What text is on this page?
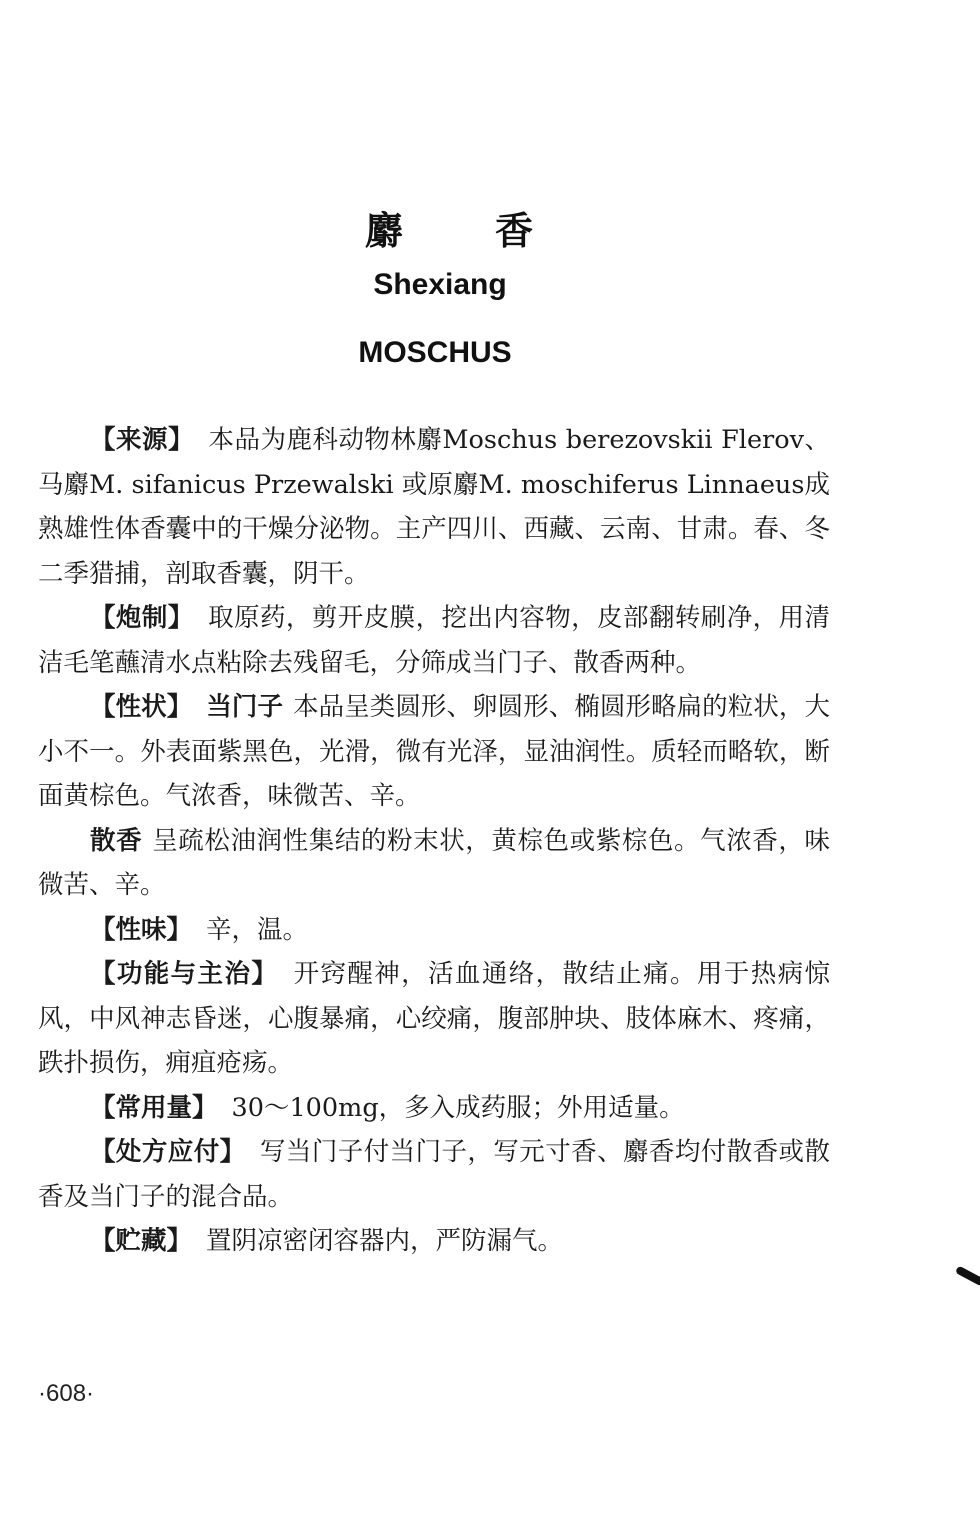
麝香
Shexiang
MOSCHUS

【来源】 本品为鹿科动物林麝Moschus berezovskii Flerov、马麝M. sifanicus Przewalski 或原麝M. moschiferus Linnaeus成熟雄性体香囊中的干燥分泌物。主产四川、西藏、云南、甘肃。春、冬二季猎捕，剖取香囊，阴干。

【炮制】 取原药，剪开皮膜，挖出内容物，皮部翻转刷净，用清洁毛笔蘸清水点粘除去残留毛，分筛成当门子、散香两种。

【性状】 当门子 本品呈类圆形、卵圆形、椭圆形略扁的粒状，大小不一。外表面紫黑色，光滑，微有光泽，显油润性。质轻而略软，断面黄棕色。气浓香，味微苦、辛。

散香 呈疏松油润性集结的粉末状，黄棕色或紫棕色。气浓香，味微苦、辛。

【性味】 辛，温。

【功能与主治】 开窍醒神，活血通络，散结止痛。用于热病惊风，中风神志昏迷，心腹暴痛，心绞痛，腹部肿块、肢体麻木、疼痛，跌扑损伤，痈疽疮疡。

【常用量】 30～100mg，多入成药服；外用适量。

【处方应付】 写当门子付当门子，写元寸香、麝香均付散香或散香及当门子的混合品。

【贮藏】 置阴凉密闭容器内，严防漏气。

·608·
